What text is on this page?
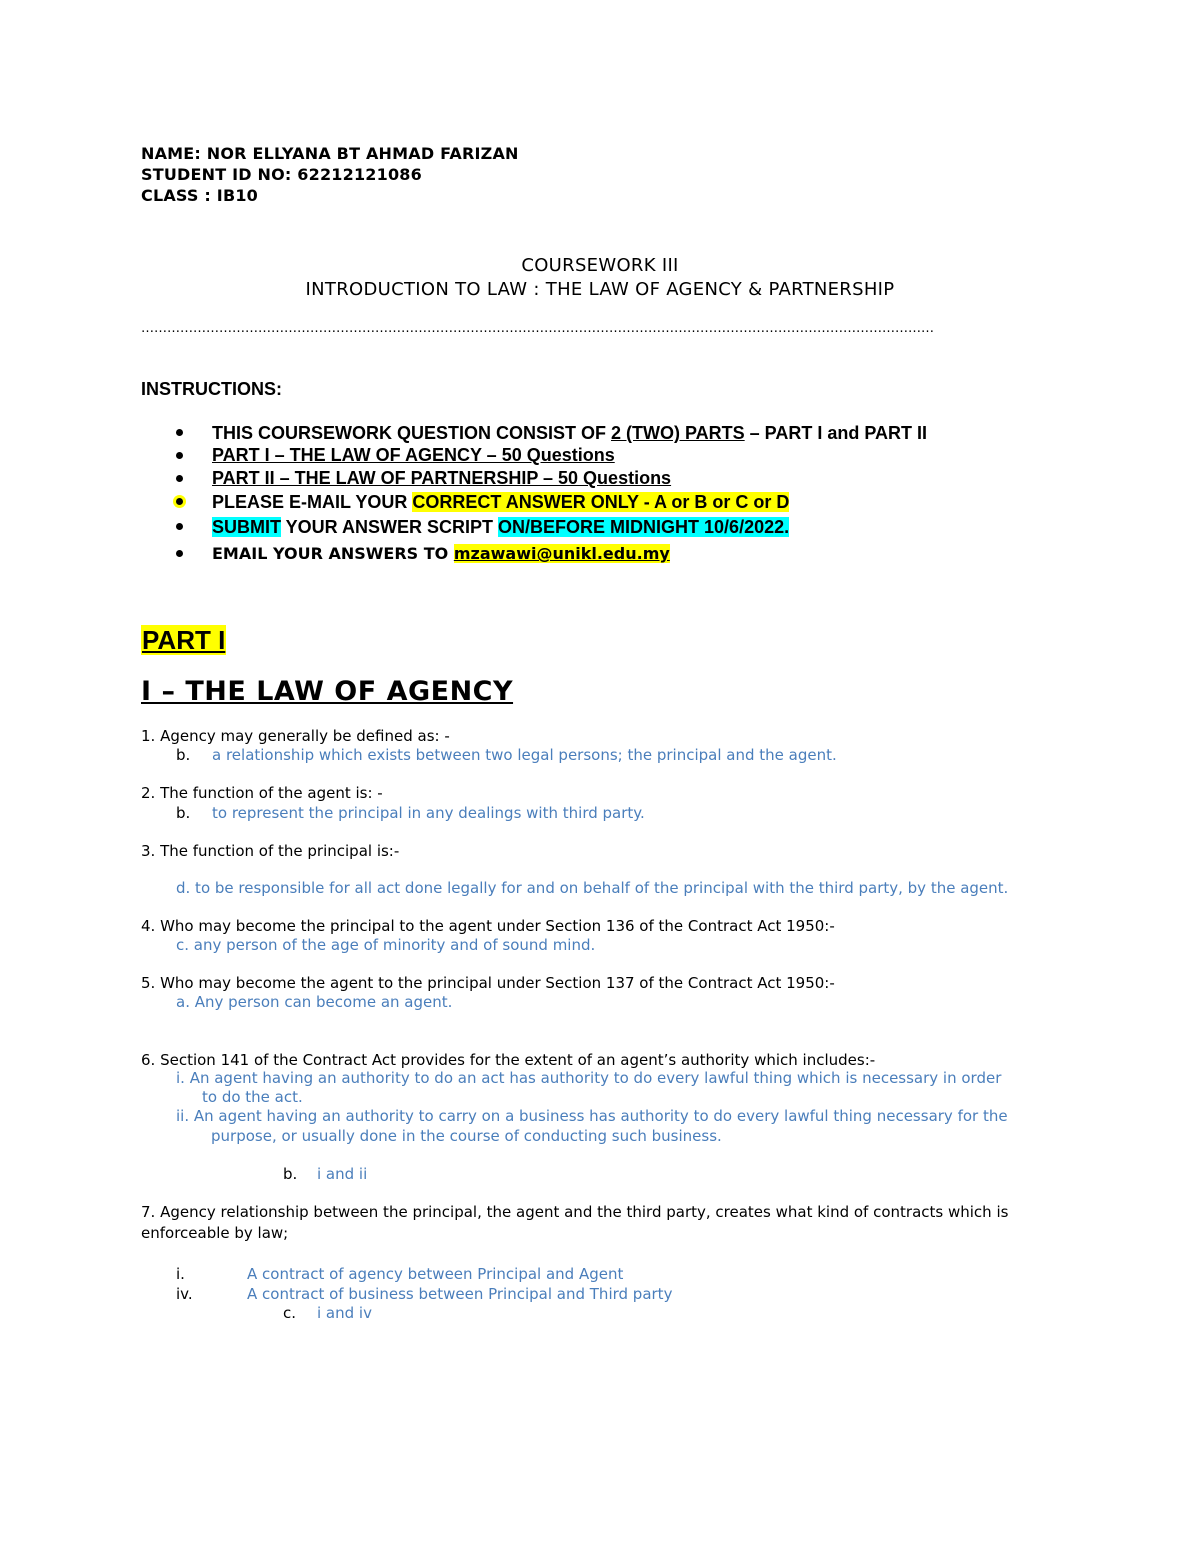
NAME: NOR ELLYANA BT AHMAD FARIZAN
STUDENT ID NO: 62212121086
CLASS : IB10
COURSEWORK III
INTRODUCTION TO LAW : THE LAW OF AGENCY & PARTNERSHIP
…………………………………………………………………………………………………………………………………………………………………
INSTRUCTIONS:
THIS COURSEWORK QUESTION CONSIST OF 2 (TWO) PARTS – PART I and PART II
PART I – THE LAW OF AGENCY – 50 Questions
PART II – THE LAW OF PARTNERSHIP – 50 Questions
PLEASE E-MAIL YOUR CORRECT ANSWER ONLY - A or B or C or D
SUBMIT YOUR ANSWER SCRIPT ON/BEFORE MIDNIGHT 10/6/2022.
EMAIL YOUR ANSWERS TO mzawawi@unikl.edu.my
PART I
I – THE LAW OF AGENCY
1. Agency may generally be defined as: -
b. a relationship which exists between two legal persons; the principal and the agent.
2. The function of the agent is: -
b. to represent the principal in any dealings with third party.
3. The function of the principal is:-
d. to be responsible for all act done legally for and on behalf of the principal with the third party, by the agent.
4. Who may become the principal to the agent under Section 136 of the Contract Act 1950:-
c. any person of the age of minority and of sound mind.
5. Who may become the agent to the principal under Section 137 of the Contract Act 1950:-
a. Any person can become an agent.
6. Section 141 of the Contract Act provides for the extent of an agent’s authority which includes:-
i. An agent having an authority to do an act has authority to do every lawful thing which is necessary in order
to do the act.
ii. An agent having an authority to carry on a business has authority to do every lawful thing necessary for the
purpose, or usually done in the course of conducting such business.
b. i and ii
7. Agency relationship between the principal, the agent and the third party, creates what kind of contracts which is
enforceable by law;
i.	A contract of agency between Principal and Agent
iv.	A contract of business between Principal and Third party
c. i and iv
